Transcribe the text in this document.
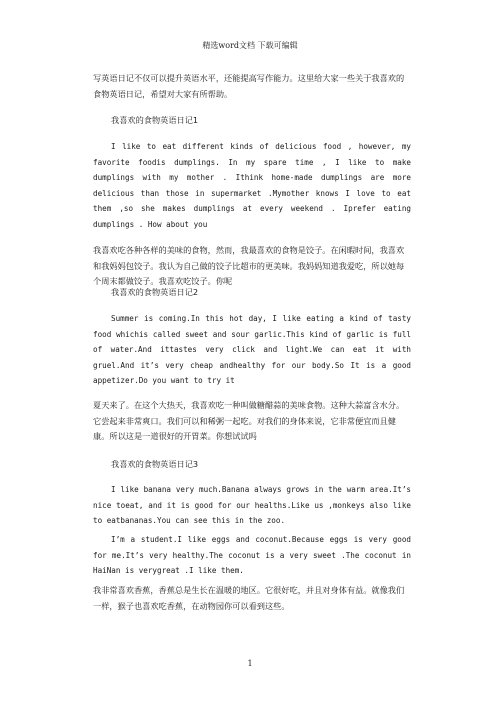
精选word文档 下载可编辑

写英语日记不仅可以提升英语水平，还能提高写作能力。这里给大家一些关于我喜欢的食物英语日记，希望对大家有所帮助。

我喜欢的食物英语日记1

I like to eat different kinds of delicious food , however, my favorite foodis dumplings. In my spare time , I like to make dumplings with my mother . Ithink home-made dumplings are more delicious than those in supermarket .Mymother knows I love to eat them ,so she makes dumplings at every weekend . Iprefer eating dumplings . How about you

我喜欢吃各种各样的美味的食物，然而，我最喜欢的食物是饺子。在闲暇时间，我喜欢和我妈妈包饺子。我认为自己做的饺子比超市的更美味。我妈妈知道我爱吃，所以她每个周末都做饺子。我喜欢吃饺子。你呢

我喜欢的食物英语日记2

Summer is coming.In this hot day, I like eating a kind of tasty food whichis called sweet and sour garlic.This kind of garlic is full of water.And ittastes very click and light.We can eat it with gruel.And it’s very cheap andhealthy for our body.So It is a good appetizer.Do you want to try it

夏天来了。在这个大热天，我喜欢吃一种叫做糖醋蒜的美味食物。这种大蒜富含水分。它尝起来非常爽口。我们可以和稀粥一起吃。对我们的身体来说，它非常便宜而且健康。所以这是一道很好的开胃菜。你想试试吗

我喜欢的食物英语日记3

I like banana very much.Banana always grows in the warm area.It’s nice toeat, and it is good for our healths.Like us ,monkeys also like to eatbananas.You can see this in the zoo.

I’m a student.I like eggs and coconut.Because eggs is very good for me.It’s very healthy.The coconut is a very sweet .The coconut in HaiNan is verygreat .I like them.

我非常喜欢香蕉，香蕉总是生长在温暖的地区。它很好吃，并且对身体有益。就像我们一样，猴子也喜欢吃香蕉，在动物园你可以看到这些。

1
